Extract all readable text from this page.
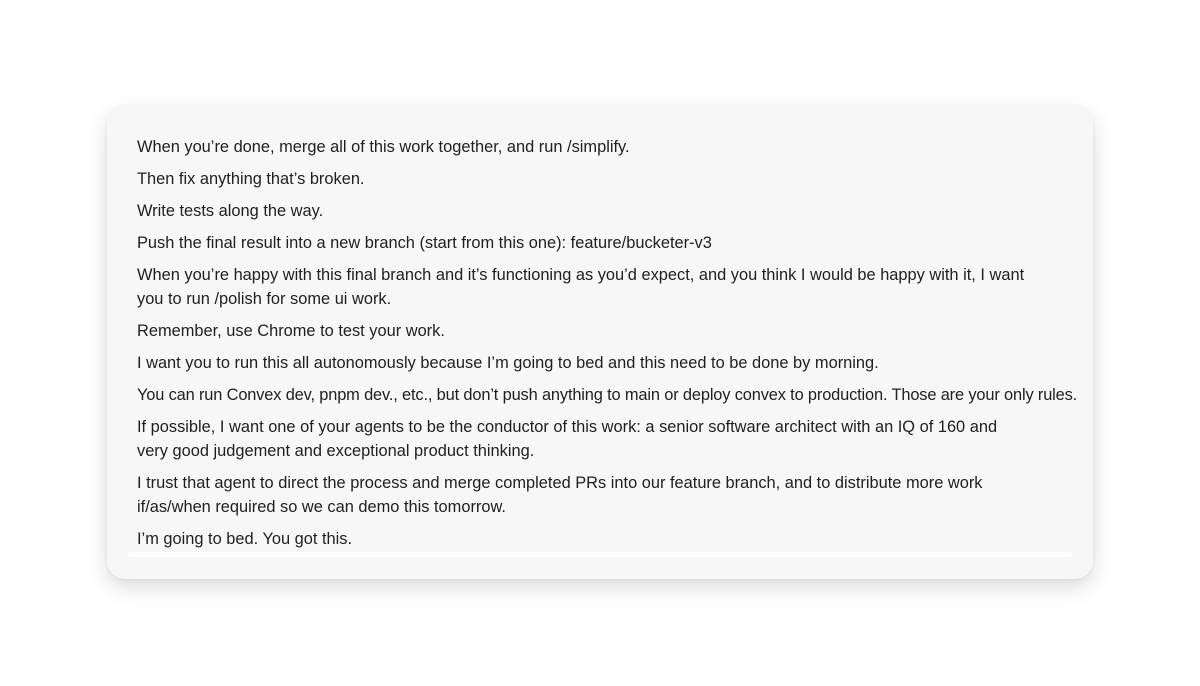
When you’re done, merge all of this work together, and run /simplify.

Then fix anything that’s broken.

Write tests along the way.

Push the final result into a new branch (start from this one): feature/bucketer-v3

When you’re happy with this final branch and it’s functioning as you’d expect, and you think I would be happy with it, I want you to run /polish for some ui work.

Remember, use Chrome to test your work.

I want you to run this all autonomously because I’m going to bed and this need to be done by morning.

You can run Convex dev, pnpm dev., etc., but don’t push anything to main or deploy convex to production. Those are your only rules.

If possible, I want one of your agents to be the conductor of this work: a senior software architect with an IQ of 160 and very good judgement and exceptional product thinking.

I trust that agent to direct the process and merge completed PRs into our feature branch, and to distribute more work if/as/when required so we can demo this tomorrow.

I’m going to bed. You got this.
